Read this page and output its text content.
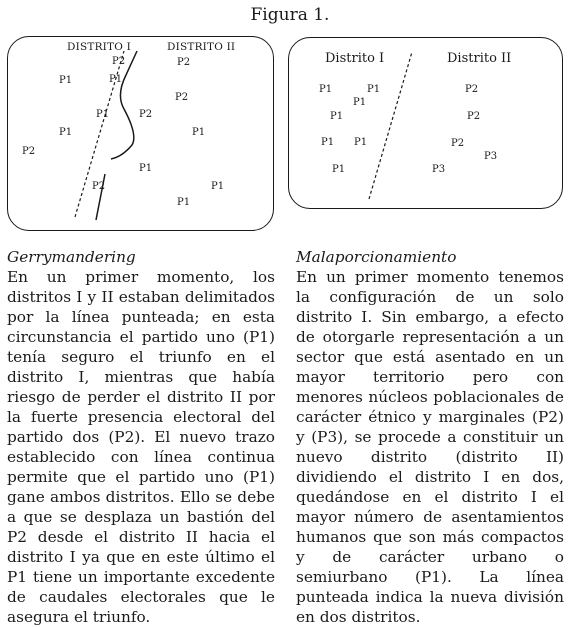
Figura 1.
DISTRITO I	DISTRITO II
P2
P1	P1
P2
P1	P2
P1
P2
P1
P2
P1
P2	P1
P1
Distrito I	Distrito II
P1	P1
P1
P1
P1 P1
P1
P2
P2
P2
P3
P3
Gerrymandering
En un primer momento, los distritos I y II estaban delimitados por la línea punteada; en esta circunstancia el partido uno (P1) tenía seguro el triunfo en el distrito I, mientras que había riesgo de perder el distrito II por la fuerte presencia electoral del partido dos (P2). El nuevo trazo establecido con línea continua permite que el partido uno (P1) gane ambos distritos. Ello se debe a que se desplaza un bastión del P2 desde el distrito II hacia el distrito I ya que en este último el P1 tiene un importante excedente de caudales electorales que le asegura el triunfo.
Malaporcionamiento
En un primer momento tenemos la configuración de un solo distrito I. Sin embargo, a efecto de otorgarle representación a un sector que está asentado en un mayor territorio pero con menores núcleos poblacionales de carácter étnico y marginales (P2) y (P3), se procede a constituir un nuevo distrito (distrito II) dividiendo el distrito I en dos, quedándose en el distrito I el mayor número de asentamientos humanos que son más compactos y de carácter urbano o semiurbano (P1). La línea punteada indica la nueva división en dos distritos.
